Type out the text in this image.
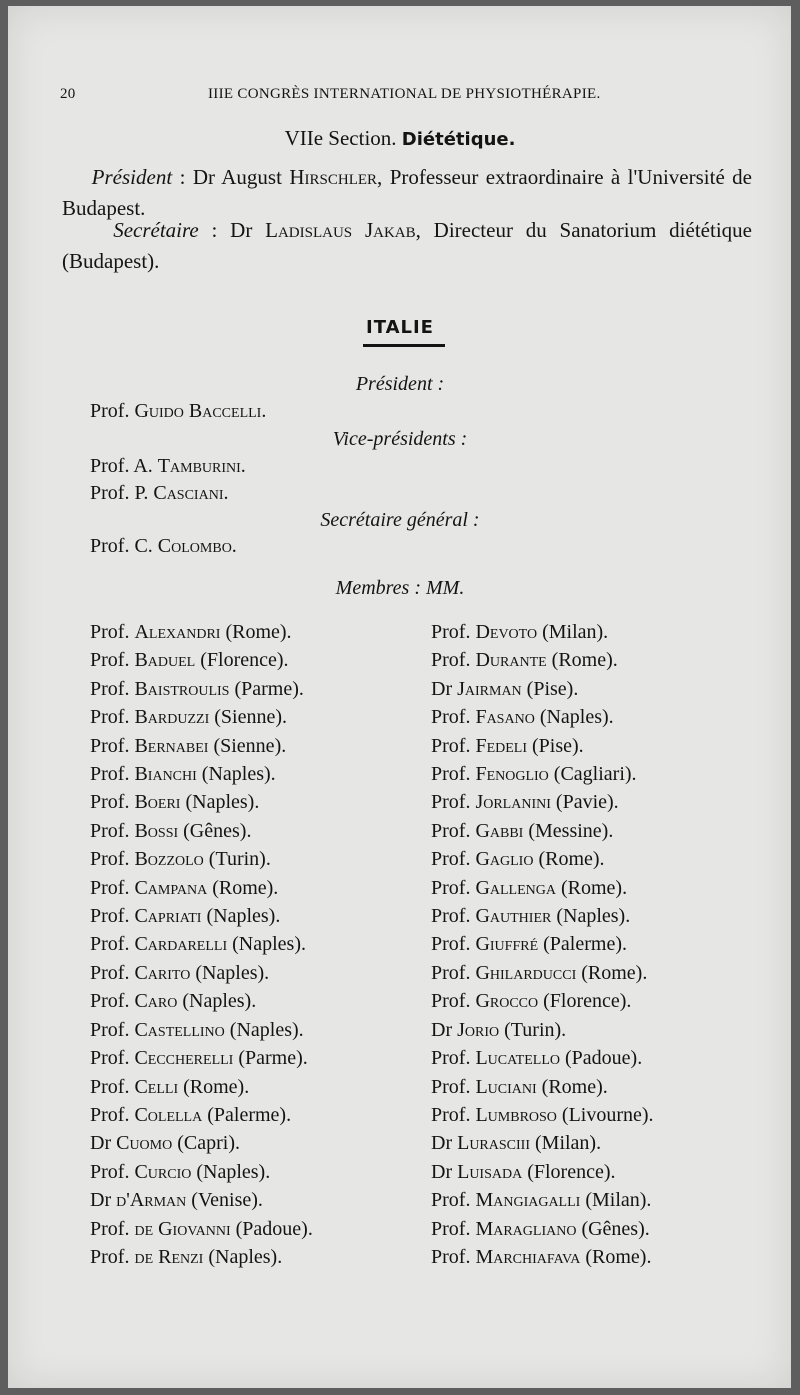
20	IIIE CONGRÈS INTERNATIONAL DE PHYSIOTHÉRAPIE.
VIIe Section. Diététique.
Président : Dr August Hirschler, Professeur extraordinaire à l'Université de Budapest.
Secrétaire : Dr Ladislaus Jakab, Directeur du Sanatorium diététique (Budapest).
ITALIE
Président :
Prof. Guido Baccelli.
Vice-présidents :
Prof. A. Tamburini.
Prof. P. Casciani.
Secrétaire général :
Prof. C. Colombo.
Membres : MM.
Prof. Alexandri (Rome).
Prof. Baduel (Florence).
Prof. Baistroulis (Parme).
Prof. Barduzzi (Sienne).
Prof. Bernabei (Sienne).
Prof. Bianchi (Naples).
Prof. Boeri (Naples).
Prof. Bossi (Gênes).
Prof. Bozzolo (Turin).
Prof. Campana (Rome).
Prof. Capriati (Naples).
Prof. Cardarelli (Naples).
Prof. Carito (Naples).
Prof. Caro (Naples).
Prof. Castellino (Naples).
Prof. Ceccherelli (Parme).
Prof. Celli (Rome).
Prof. Colella (Palerme).
Dr Cuomo (Capri).
Prof. Curcio (Naples).
Dr d'Arman (Venise).
Prof. de Giovanni (Padoue).
Prof. de Renzi (Naples).
Prof. Devoto (Milan).
Prof. Durante (Rome).
Dr Jairman (Pise).
Prof. Fasano (Naples).
Prof. Fedeli (Pise).
Prof. Fenoglio (Cagliari).
Prof. Jorlanini (Pavie).
Prof. Gabbi (Messine).
Prof. Gaglio (Rome).
Prof. Gallenga (Rome).
Prof. Gauthier (Naples).
Prof. Giuffré (Palerme).
Prof. Ghilarducci (Rome).
Prof. Grocco (Florence).
Dr Jorio (Turin).
Prof. Lucatello (Padoue).
Prof. Luciani (Rome).
Prof. Lumbroso (Livourne).
Dr Lurasciii (Milan).
Dr Luisada (Florence).
Prof. Mangiagalli (Milan).
Prof. Maragliano (Gênes).
Prof. Marchiafava (Rome).
